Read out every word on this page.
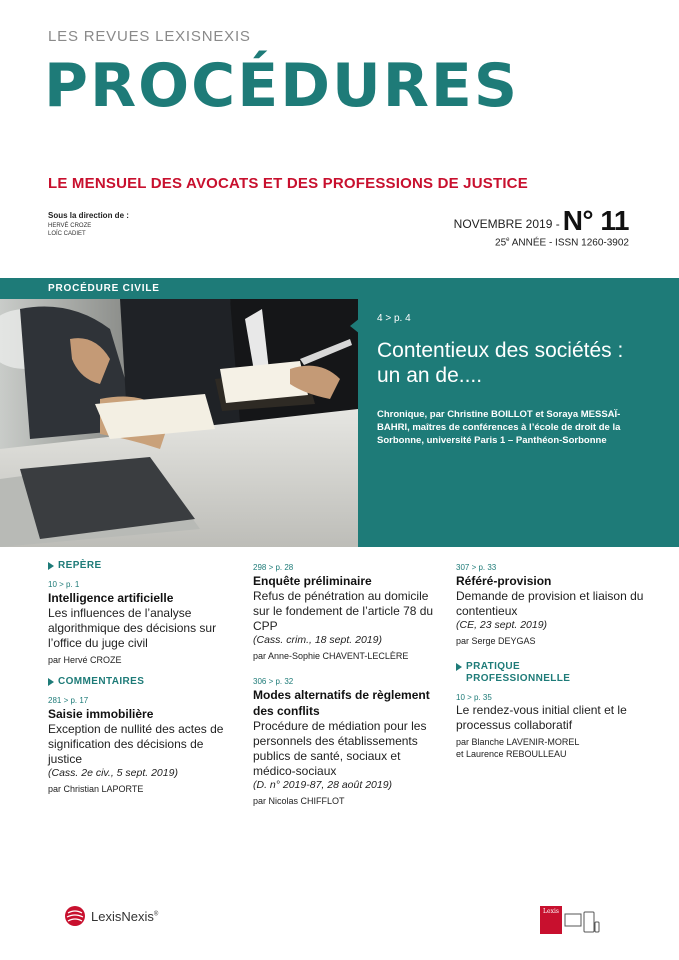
LES REVUES LEXISNEXIS
PROCÉDURES
LE MENSUEL DES AVOCATS ET DES PROFESSIONS DE JUSTICE
Sous la direction de :
HERVÉ CROZE
LOÏC CADIET
NOVEMBRE 2019 - N° 11
25e ANNÉE - ISSN 1260-3902
PROCÉDURE CIVILE
4 > p. 4
Contentieux des sociétés : un an de....
Chronique, par Christine BOILLOT et Soraya MESSAÏ-BAHRI, maîtres de conférences à l’école de droit de la Sorbonne, université Paris 1 – Panthéon-Sorbonne
REPÈRE
10 > p. 1
Intelligence artificielle
Les influences de l’analyse algorithmique des décisions sur l’office du juge civil
par Hervé CROZE
COMMENTAIRES
281 > p. 17
Saisie immobilière
Exception de nullité des actes de signification des décisions de justice
(Cass. 2e civ., 5 sept. 2019)
par Christian LAPORTE
298 > p. 28
Enquête préliminaire
Refus de pénétration au domicile sur le fondement de l’article 78 du CPP
(Cass. crim., 18 sept. 2019)
par Anne-Sophie CHAVENT-LECLÈRE
306 > p. 32
Modes alternatifs de règlement des conflits
Procédure de médiation pour les personnels des établissements publics de santé, sociaux et médico-sociaux
(D. n° 2019-87, 28 août 2019)
par Nicolas CHIFFLOT
307 > p. 33
Référé-provision
Demande de provision et liaison du contentieux
(CE, 23 sept. 2019)
par Serge DEYGAS
PRATIQUE PROFESSIONNELLE
10 > p. 35
Le rendez-vous initial client et le processus collaboratif
par Blanche LAVENIR-MOREL
et Laurence REBOULLEAU
LexisNexis®	Lexis
